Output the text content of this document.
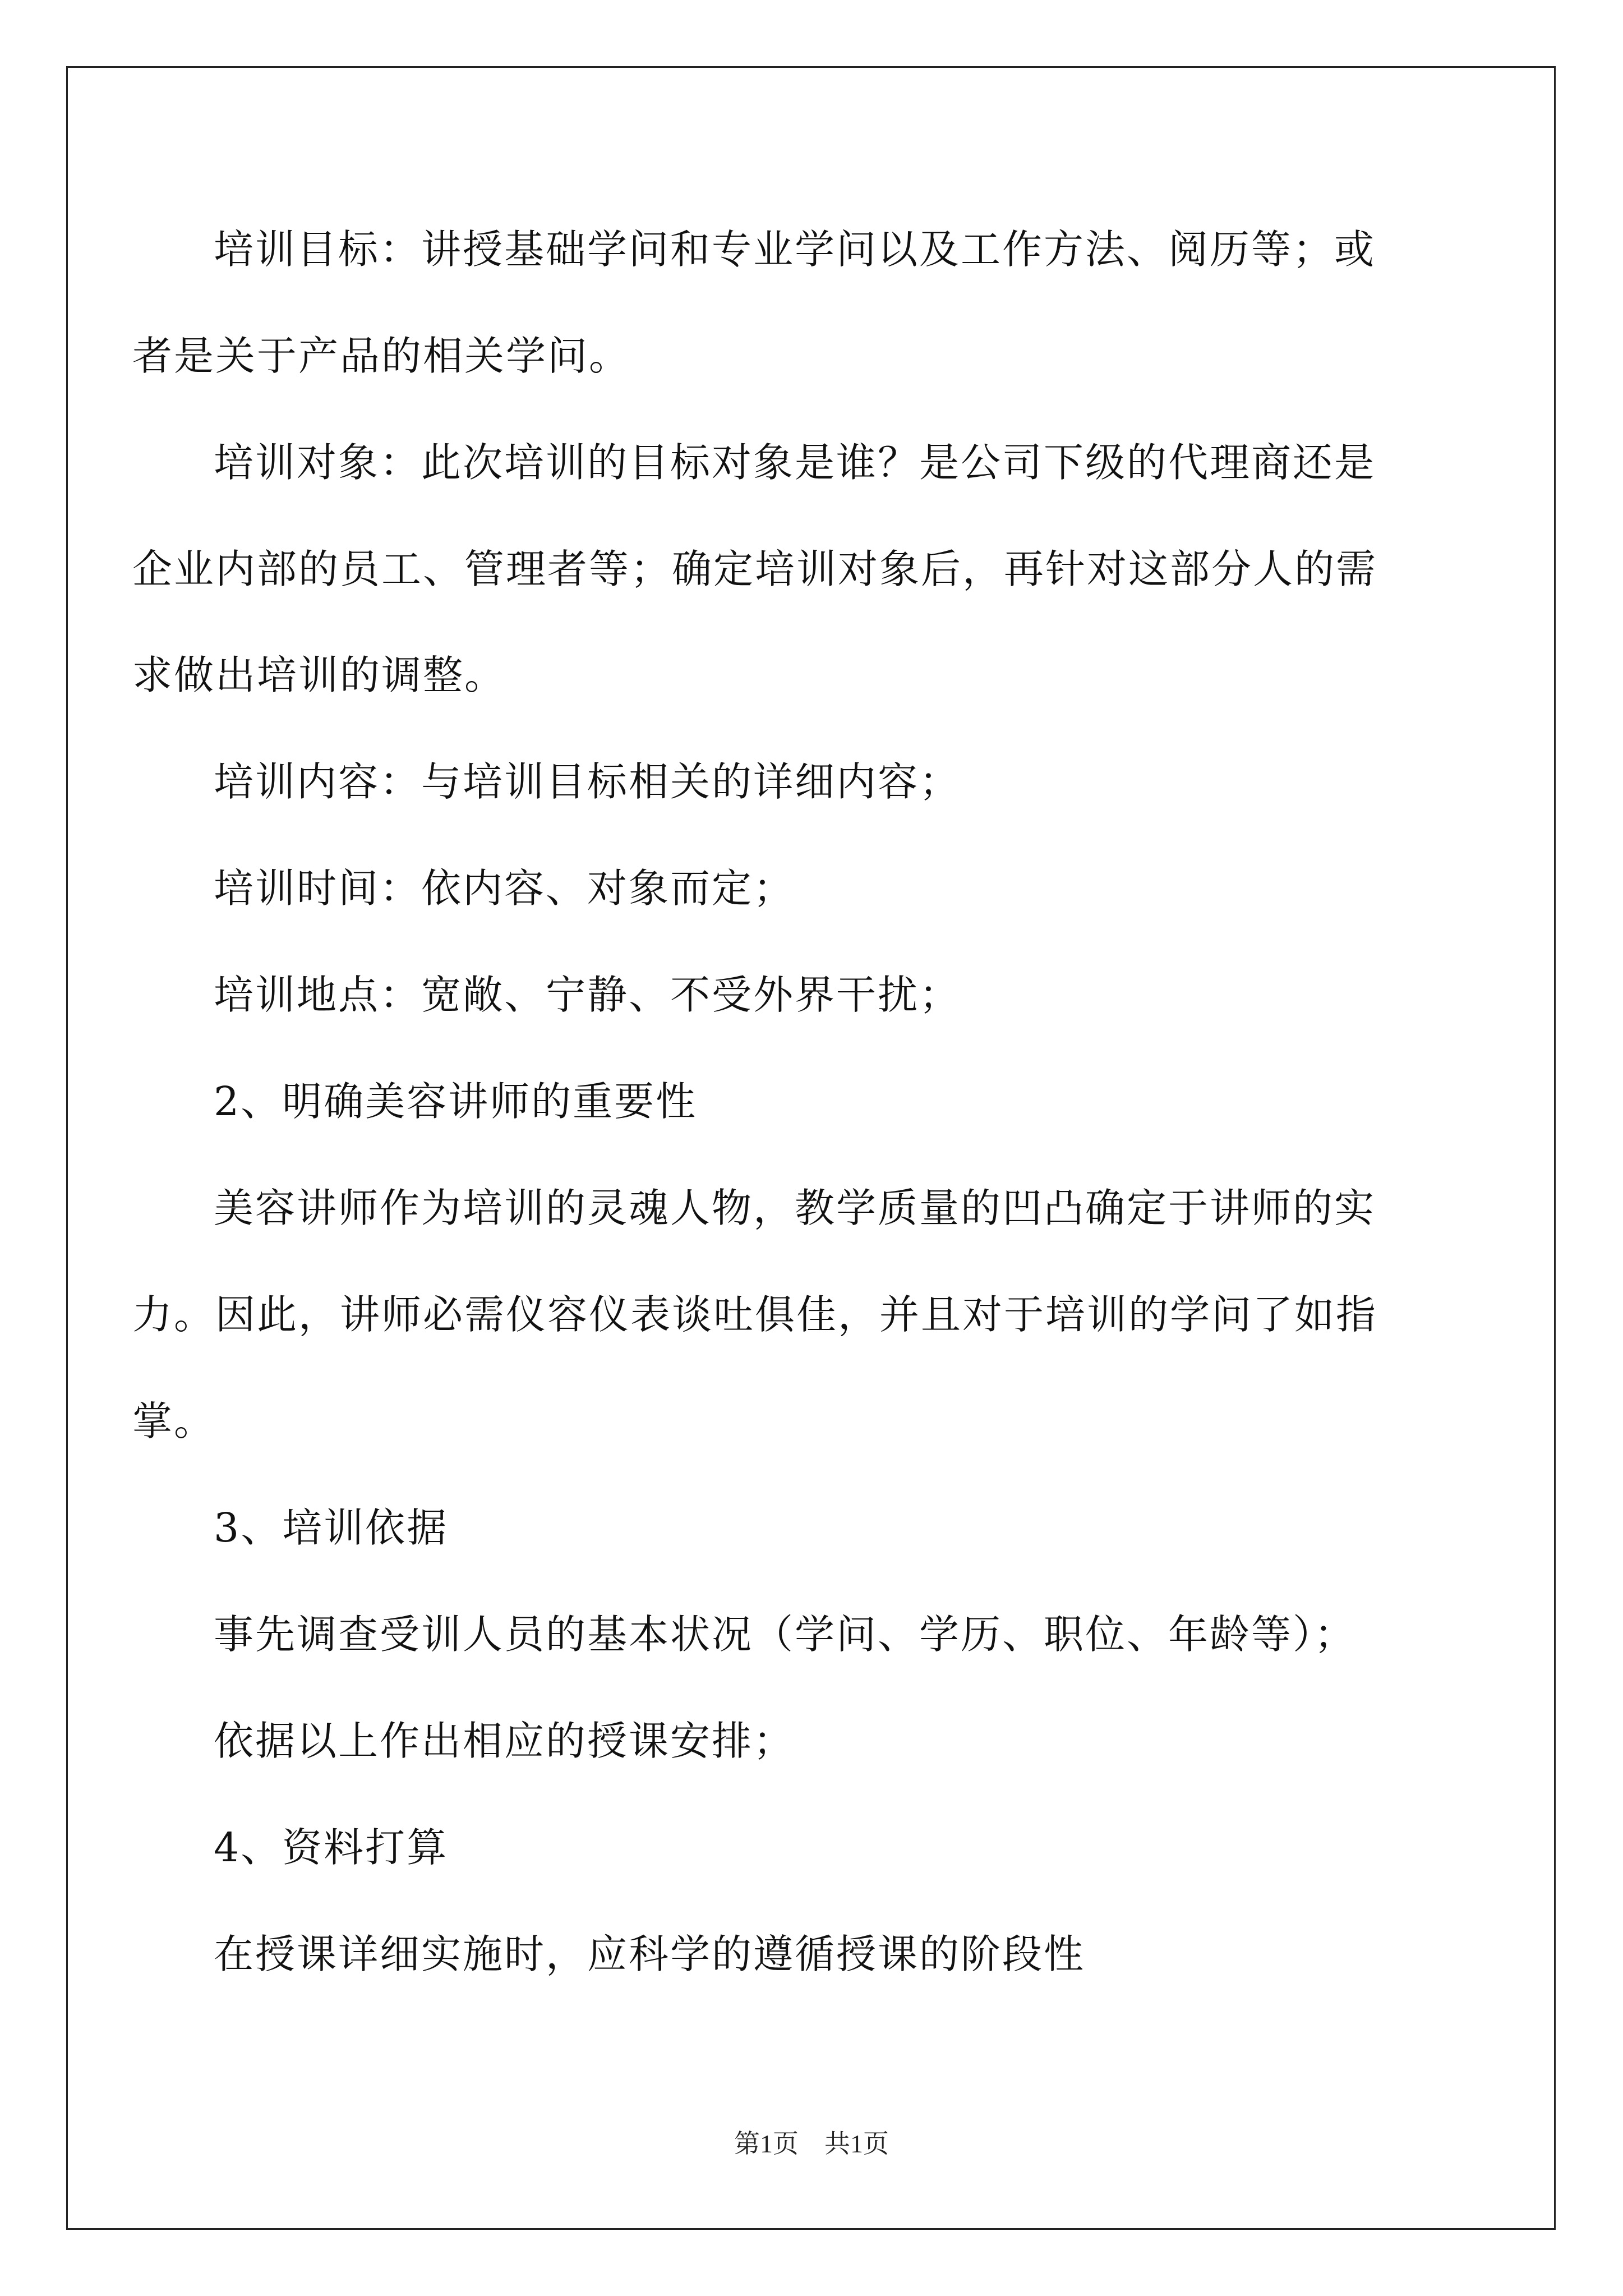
培训目标：讲授基础学问和专业学问以及工作方法、阅历等；或
者是关于产品的相关学问。
培训对象：此次培训的目标对象是谁？是公司下级的代理商还是
企业内部的员工、管理者等；确定培训对象后，再针对这部分人的需
求做出培训的调整。
培训内容：与培训目标相关的详细内容；
培训时间：依内容、对象而定；
培训地点：宽敞、宁静、不受外界干扰；
2、明确美容讲师的重要性
美容讲师作为培训的灵魂人物，教学质量的凹凸确定于讲师的实
力。因此，讲师必需仪容仪表谈吐俱佳，并且对于培训的学问了如指
掌。
3、培训依据
事先调查受训人员的基本状况（学问、学历、职位、年龄等）；
依据以上作出相应的授课安排；
4、资料打算
在授课详细实施时，应科学的遵循授课的阶段性
第1页　共1页
